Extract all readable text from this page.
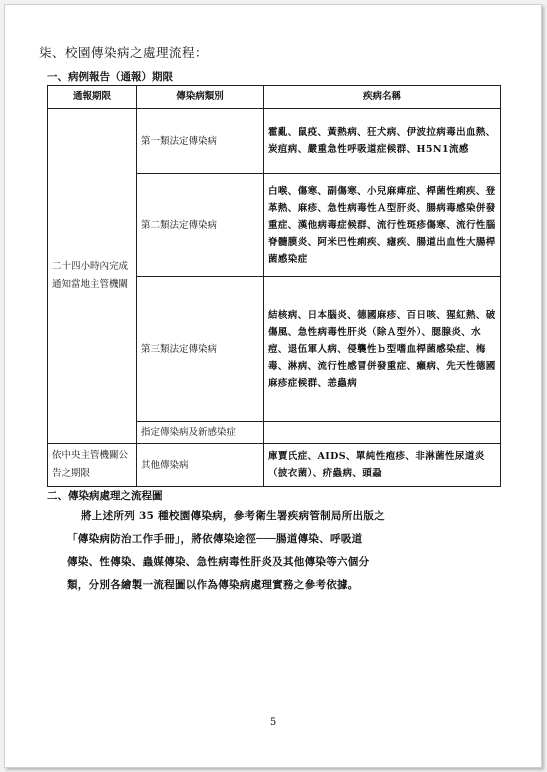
柒、校園傳染病之處理流程：
一、病例報告（通報）期限
通報期限	傳染病類別	疾病名稱
二十四小時內完成通知當地主管機關	第一類法定傳染病	霍亂、鼠疫、黃熱病、狂犬病、伊波拉病毒出血熱、炭疽病、嚴重急性呼吸道症候群、H5N1流感
	第二類法定傳染病	白喉、傷寒、副傷寒、小兒麻痺症、桿菌性痢疾、登革熱、麻疹、急性病毒性Ａ型肝炎、腸病毒感染併發重症、漢他病毒症候群、流行性斑疹傷寒、流行性腦脊髓膜炎、阿米巴性痢疾、瘧疾、腸道出血性大腸桿菌感染症
	第三類法定傳染病	結核病、日本腦炎、德國麻疹、百日咳、猩紅熱、破傷風、急性病毒性肝炎（除Ａ型外）、腮腺炎、水痘、退伍軍人病、侵襲性ｂ型嗜血桿菌感染症、梅毒、淋病、流行性感冒併發重症、癩病、先天性德國麻疹症候群、恙蟲病
	指定傳染病及新感染症	
依中央主管機關公告之期限	其他傳染病	庫賈氏症、AIDS、單純性疱疹、非淋菌性尿道炎（披衣菌）、疥蟲病、頭蝨
二、傳染病處理之流程圖
將上述所列 35 種校園傳染病，參考衛生署疾病管制局所出版之
「傳染病防治工作手冊」，將依傳染途徑───腸道傳染、呼吸道
傳染、性傳染、蟲媒傳染、急性病毒性肝炎及其他傳染等六個分
類，分別各繪製一流程圖以作為傳染病處理實務之參考依據。
5
